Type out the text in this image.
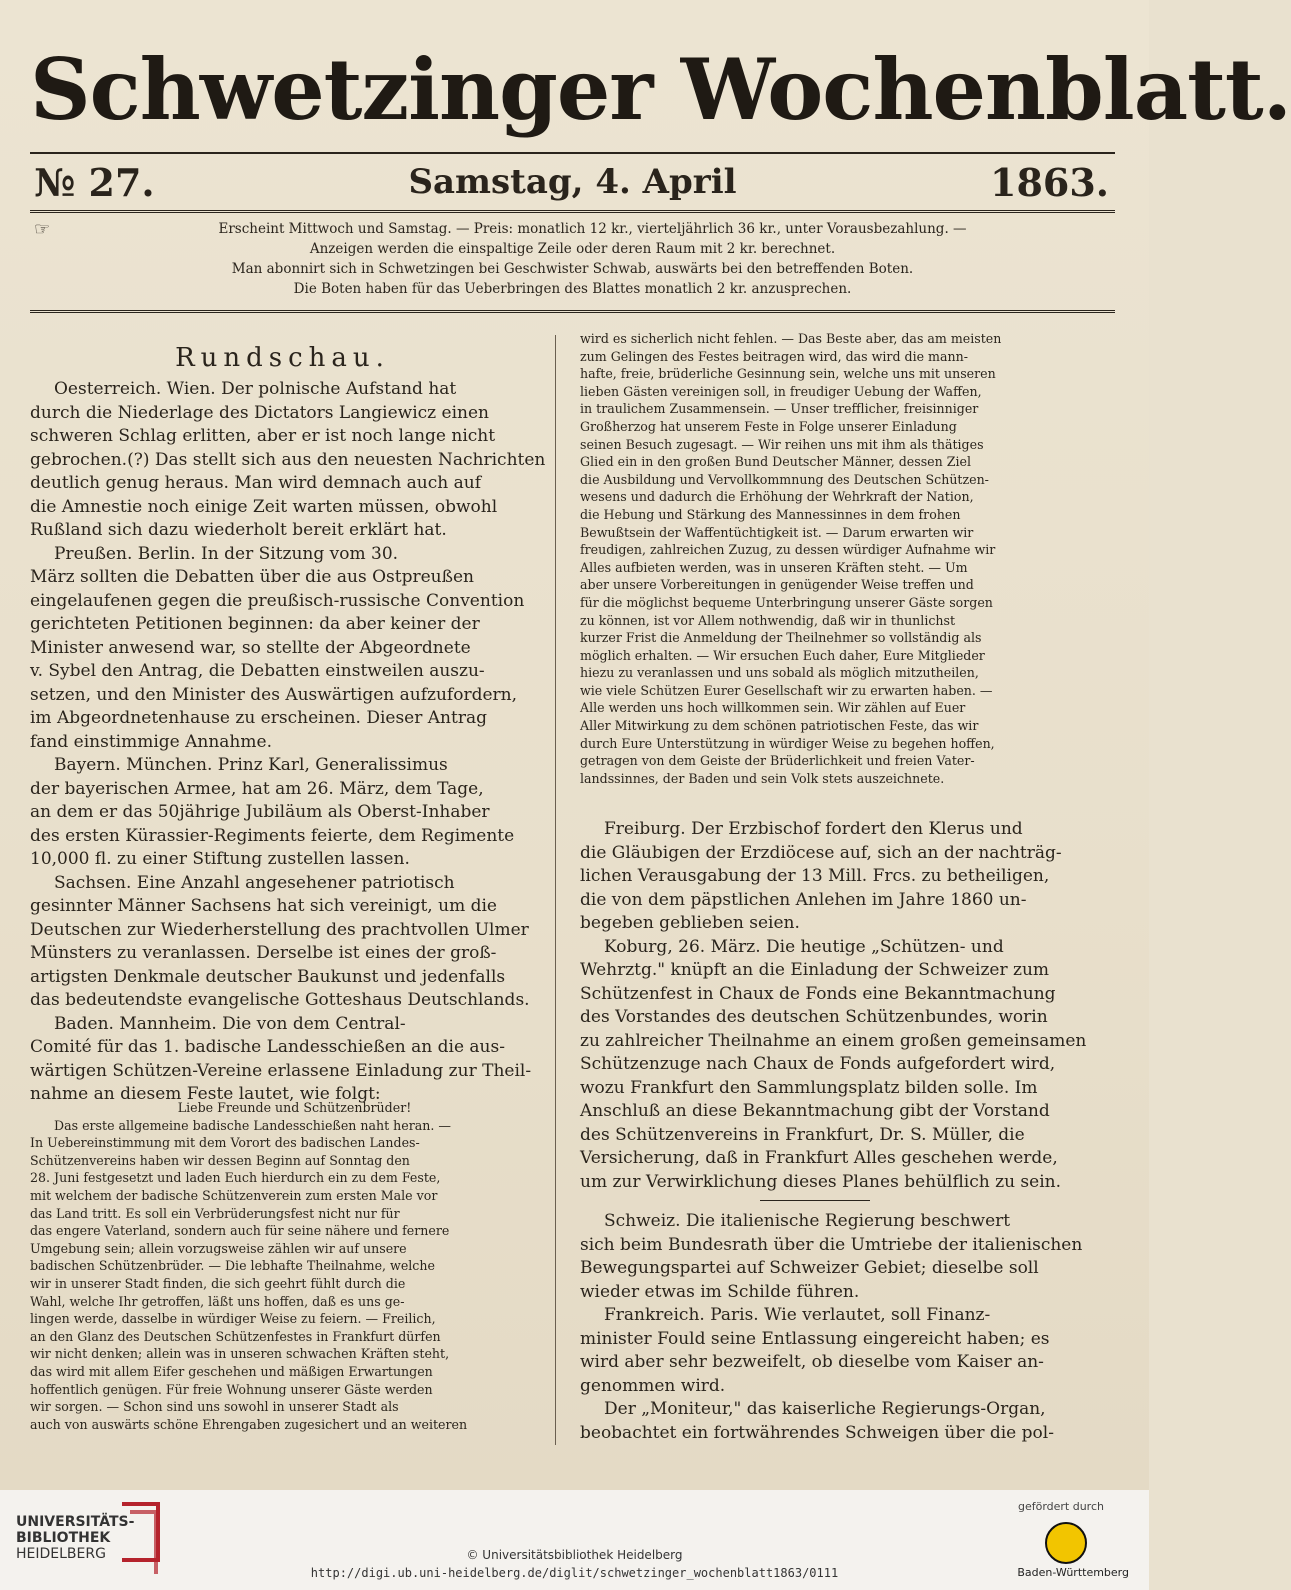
Schwetzinger Wochenblatt.
№ 27.	Samstag, 4. April	1863.
☞	Erscheint Mittwoch und Samstag. — Preis: monatlich 12 kr., vierteljährlich 36 kr., unter Vorausbezahlung. —
Anzeigen werden die einspaltige Zeile oder deren Raum mit 2 kr. berechnet.
Man abonnirt sich in Schwetzingen bei Geschwister Schwab, auswärts bei den betreffenden Boten.
Die Boten haben für das Ueberbringen des Blattes monatlich 2 kr. anzusprechen.
Rundschau.

Oesterreich. Wien. Der polnische Aufstand hat

durch die Niederlage des Dictators Langiewicz einen

schweren Schlag erlitten, aber er ist noch lange nicht

gebrochen.(?) Das stellt sich aus den neuesten Nachrichten

deutlich genug heraus. Man wird demnach auch auf

die Amnestie noch einige Zeit warten müssen, obwohl

Rußland sich dazu wiederholt bereit erklärt hat.

Preußen. Berlin. In der Sitzung vom 30.

März sollten die Debatten über die aus Ostpreußen

eingelaufenen gegen die preußisch-russische Convention

gerichteten Petitionen beginnen: da aber keiner der

Minister anwesend war, so stellte der Abgeordnete

v. Sybel den Antrag, die Debatten einstweilen auszu-

setzen, und den Minister des Auswärtigen aufzufordern,

im Abgeordnetenhause zu erscheinen. Dieser Antrag

fand einstimmige Annahme.

Bayern. München. Prinz Karl, Generalissimus

der bayerischen Armee, hat am 26. März, dem Tage,

an dem er das 50jährige Jubiläum als Oberst-Inhaber

des ersten Kürassier-Regiments feierte, dem Regimente

10,000 fl. zu einer Stiftung zustellen lassen.

Sachsen. Eine Anzahl angesehener patriotisch

gesinnter Männer Sachsens hat sich vereinigt, um die

Deutschen zur Wiederherstellung des prachtvollen Ulmer

Münsters zu veranlassen. Derselbe ist eines der groß-

artigsten Denkmale deutscher Baukunst und jedenfalls

das bedeutendste evangelische Gotteshaus Deutschlands.

Baden. Mannheim. Die von dem Central-

Comité für das 1. badische Landesschießen an die aus-

wärtigen Schützen-Vereine erlassene Einladung zur Theil-

nahme an diesem Feste lautet, wie folgt:

Liebe Freunde und Schützenbrüder!

Das erste allgemeine badische Landesschießen naht heran. —

In Uebereinstimmung mit dem Vorort des badischen Landes-

Schützenvereins haben wir dessen Beginn auf Sonntag den

28. Juni festgesetzt und laden Euch hierdurch ein zu dem Feste,

mit welchem der badische Schützenverein zum ersten Male vor

das Land tritt. Es soll ein Verbrüderungsfest nicht nur für

das engere Vaterland, sondern auch für seine nähere und fernere

Umgebung sein; allein vorzugsweise zählen wir auf unsere

badischen Schützenbrüder. — Die lebhafte Theilnahme, welche

wir in unserer Stadt finden, die sich geehrt fühlt durch die

Wahl, welche Ihr getroffen, läßt uns hoffen, daß es uns ge-

lingen werde, dasselbe in würdiger Weise zu feiern. — Freilich,

an den Glanz des Deutschen Schützenfestes in Frankfurt dürfen

wir nicht denken; allein was in unseren schwachen Kräften steht,

das wird mit allem Eifer geschehen und mäßigen Erwartungen

hoffentlich genügen. Für freie Wohnung unserer Gäste werden

wir sorgen. — Schon sind uns sowohl in unserer Stadt als

auch von auswärts schöne Ehrengaben zugesichert und an weiteren

wird es sicherlich nicht fehlen. — Das Beste aber, das am meisten

zum Gelingen des Festes beitragen wird, das wird die mann-

hafte, freie, brüderliche Gesinnung sein, welche uns mit unseren

lieben Gästen vereinigen soll, in freudiger Uebung der Waffen,

in traulichem Zusammensein. — Unser trefflicher, freisinniger

Großherzog hat unserem Feste in Folge unserer Einladung

seinen Besuch zugesagt. — Wir reihen uns mit ihm als thätiges

Glied ein in den großen Bund Deutscher Männer, dessen Ziel

die Ausbildung und Vervollkommnung des Deutschen Schützen-

wesens und dadurch die Erhöhung der Wehrkraft der Nation,

die Hebung und Stärkung des Mannessinnes in dem frohen

Bewußtsein der Waffentüchtigkeit ist. — Darum erwarten wir

freudigen, zahlreichen Zuzug, zu dessen würdiger Aufnahme wir

Alles aufbieten werden, was in unseren Kräften steht. — Um

aber unsere Vorbereitungen in genügender Weise treffen und

für die möglichst bequeme Unterbringung unserer Gäste sorgen

zu können, ist vor Allem nothwendig, daß wir in thunlichst

kurzer Frist die Anmeldung der Theilnehmer so vollständig als

möglich erhalten. — Wir ersuchen Euch daher, Eure Mitglieder

hiezu zu veranlassen und uns sobald als möglich mitzutheilen,

wie viele Schützen Eurer Gesellschaft wir zu erwarten haben. —

Alle werden uns hoch willkommen sein. Wir zählen auf Euer

Aller Mitwirkung zu dem schönen patriotischen Feste, das wir

durch Eure Unterstützung in würdiger Weise zu begehen hoffen,

getragen von dem Geiste der Brüderlichkeit und freien Vater-

landssinnes, der Baden und sein Volk stets auszeichnete.

Freiburg. Der Erzbischof fordert den Klerus und

die Gläubigen der Erzdiöcese auf, sich an der nachträg-

lichen Verausgabung der 13 Mill. Frcs. zu betheiligen,

die von dem päpstlichen Anlehen im Jahre 1860 un-

begeben geblieben seien.

Koburg, 26. März. Die heutige „Schützen- und

Wehrztg." knüpft an die Einladung der Schweizer zum

Schützenfest in Chaux de Fonds eine Bekanntmachung

des Vorstandes des deutschen Schützenbundes, worin

zu zahlreicher Theilnahme an einem großen gemeinsamen

Schützenzuge nach Chaux de Fonds aufgefordert wird,

wozu Frankfurt den Sammlungsplatz bilden solle. Im

Anschluß an diese Bekanntmachung gibt der Vorstand

des Schützenvereins in Frankfurt, Dr. S. Müller, die

Versicherung, daß in Frankfurt Alles geschehen werde,

um zur Verwirklichung dieses Planes behülflich zu sein.

Schweiz. Die italienische Regierung beschwert

sich beim Bundesrath über die Umtriebe der italienischen

Bewegungspartei auf Schweizer Gebiet; dieselbe soll

wieder etwas im Schilde führen.

Frankreich. Paris. Wie verlautet, soll Finanz-

minister Fould seine Entlassung eingereicht haben; es

wird aber sehr bezweifelt, ob dieselbe vom Kaiser an-

genommen wird.

Der „Moniteur," das kaiserliche Regierungs-Organ,

beobachtet ein fortwährendes Schweigen über die pol-

UNIVERSITÄTS-
BIBLIOTHEK
HEIDELBERG	© Universitätsbibliothek Heidelberg
http://digi.ub.uni-heidelberg.de/diglit/schwetzinger_wochenblatt1863/0111
gefördert durch
Baden-Württemberg
